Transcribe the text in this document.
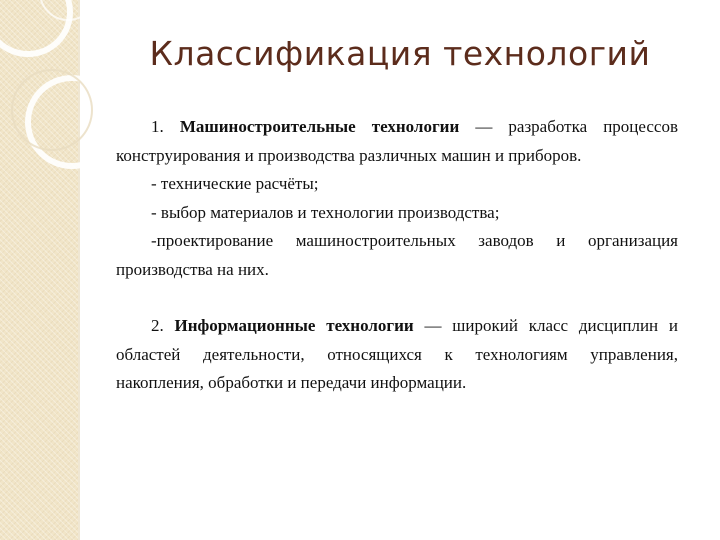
Классификация технологий

1. Машиностроительные технологии — разработка процессов конструирования и производства различных машин и приборов.

- технические расчёты;

- выбор материалов и технологии производства;

-проектирование машиностроительных заводов и организация производства на них.

2. Информационные технологии — широкий класс дисциплин и областей деятельности, относящихся к технологиям управления, накопления, обработки и передачи информации.
